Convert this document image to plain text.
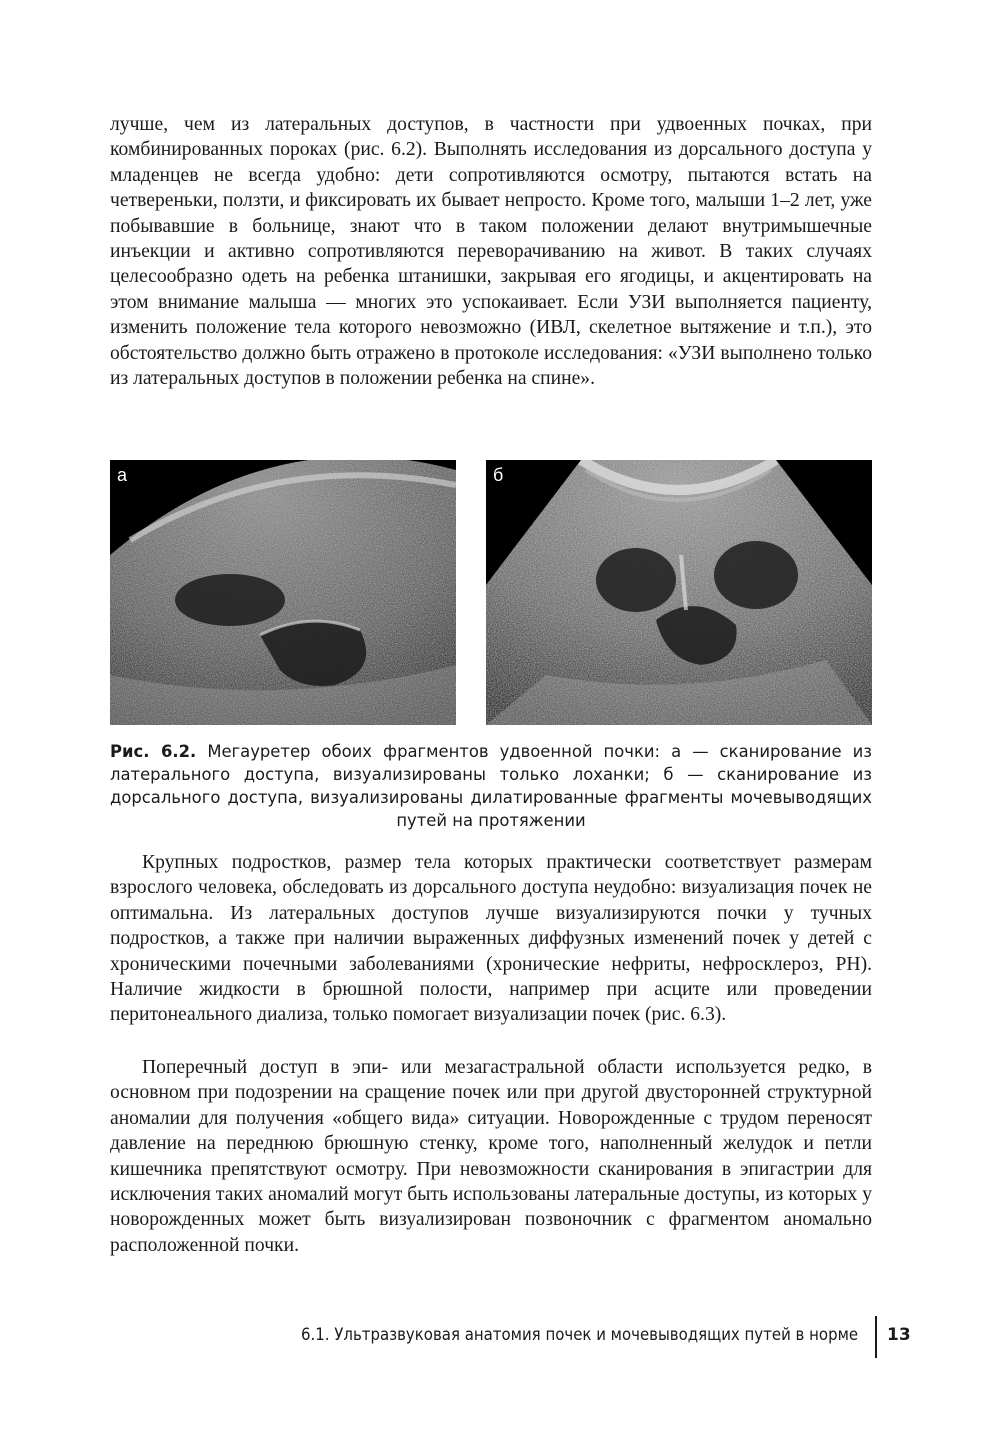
лучше, чем из латеральных доступов, в частности при удвоенных почках, при комбинированных пороках (рис. 6.2). Выполнять исследования из дорсального доступа у младенцев не всегда удобно: дети сопротивляются осмотру, пытаются встать на четвереньки, ползти, и фиксировать их бывает непросто. Кроме того, малыши 1–2 лет, уже побывавшие в больнице, знают что в таком положении делают внутримышечные инъекции и активно сопротивляются переворачиванию на живот. В таких случаях целесообразно одеть на ребенка штанишки, закрывая его ягодицы, и акцентировать на этом внимание малыша — многих это успокаивает. Если УЗИ выполняется пациенту, изменить положение тела которого невозможно (ИВЛ, скелетное вытяжение и т.п.), это обстоятельство должно быть отражено в протоколе исследования: «УЗИ выполнено только из латеральных доступов в положении ребенка на спине».

а	б

Рис. 6.2. Мегауретер обоих фрагментов удвоенной почки: а — сканирование из латерального доступа, визуализированы только лоханки; б — сканирование из дорсального доступа, визуализированы дилатированные фрагменты мочевыводящих путей на протяжении

Крупных подростков, размер тела которых практически соответствует размерам взрослого человека, обследовать из дорсального доступа неудобно: визуализация почек не оптимальна. Из латеральных доступов лучше визуализируются почки у тучных подростков, а также при наличии выраженных диффузных изменений почек у детей с хроническими почечными заболеваниями (хронические нефриты, нефросклероз, РН). Наличие жидкости в брюшной полости, например при асците или проведении перитонеального диализа, только помогает визуализации почек (рис. 6.3).

Поперечный доступ в эпи- или мезагастральной области используется редко, в основном при подозрении на сращение почек или при другой двусторонней структурной аномалии для получения «общего вида» ситуации. Новорожденные с трудом переносят давление на переднюю брюшную стенку, кроме того, наполненный желудок и петли кишечника препятствуют осмотру. При невозможности сканирования в эпигастрии для исключения таких аномалий могут быть использованы латеральные доступы, из которых у новорожденных может быть визуализирован позвоночник с фрагментом аномально расположенной почки.

6.1. Ультразвуковая анатомия почек и мочевыводящих путей в норме 13
